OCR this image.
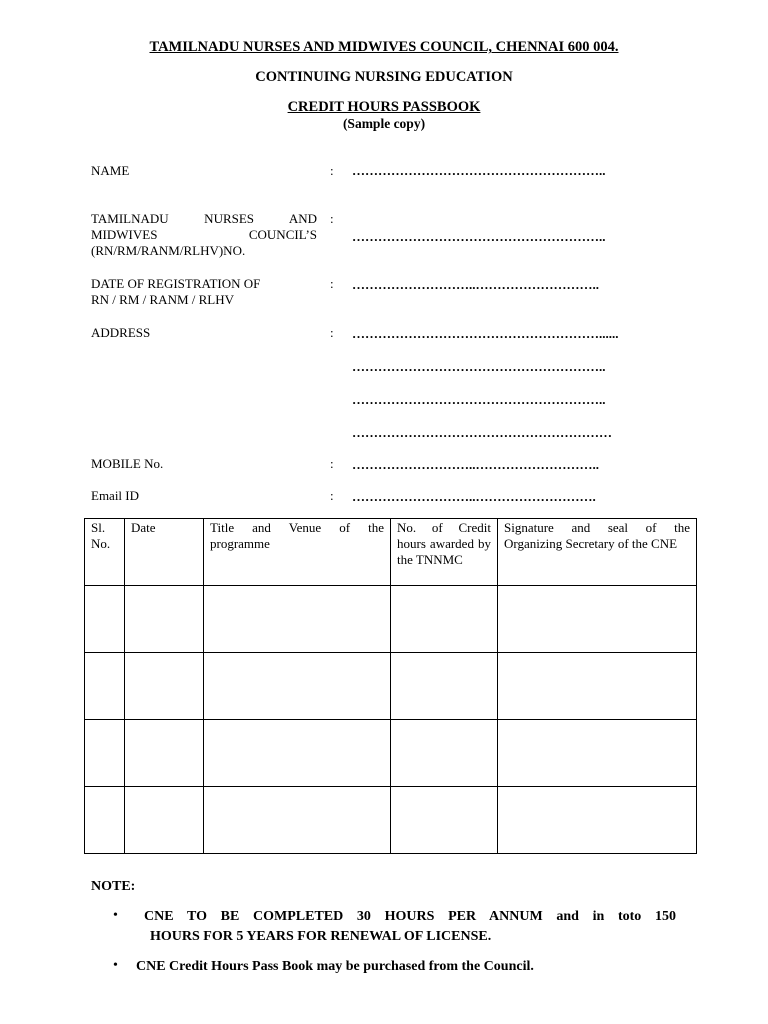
TAMILNADU NURSES AND MIDWIVES COUNCIL, CHENNAI 600 004.
CONTINUING NURSING EDUCATION
CREDIT HOURS PASSBOOK
(Sample copy)
NAME	: …………………………………………………..
TAMILNADU NURSES AND
MIDWIVES COUNCIL’S
(RN/RM/RANM/RLHV)NO.
:
…………………………………………………..
DATE OF REGISTRATION OF
RN / RM / RANM / RLHV
: ………………………..………………………..
ADDRESS	: …………………………………………………......
…………………………………………………..
…………………………………………………..
……………………………………………………
MOBILE No.	: ………………………..………………………..
Email ID	: ………………………..……………………….
Sl. No.	Date	Title and Venue of the programme	No. of Credit hours awarded by the TNNMC	Signature and seal of the Organizing Secretary of the CNE

NOTE:
• CNE TO BE COMPLETED 30 HOURS PER ANNUM and in toto 150
HOURS FOR 5 YEARS FOR RENEWAL OF LICENSE.
• CNE Credit Hours Pass Book may be purchased from the Council.
